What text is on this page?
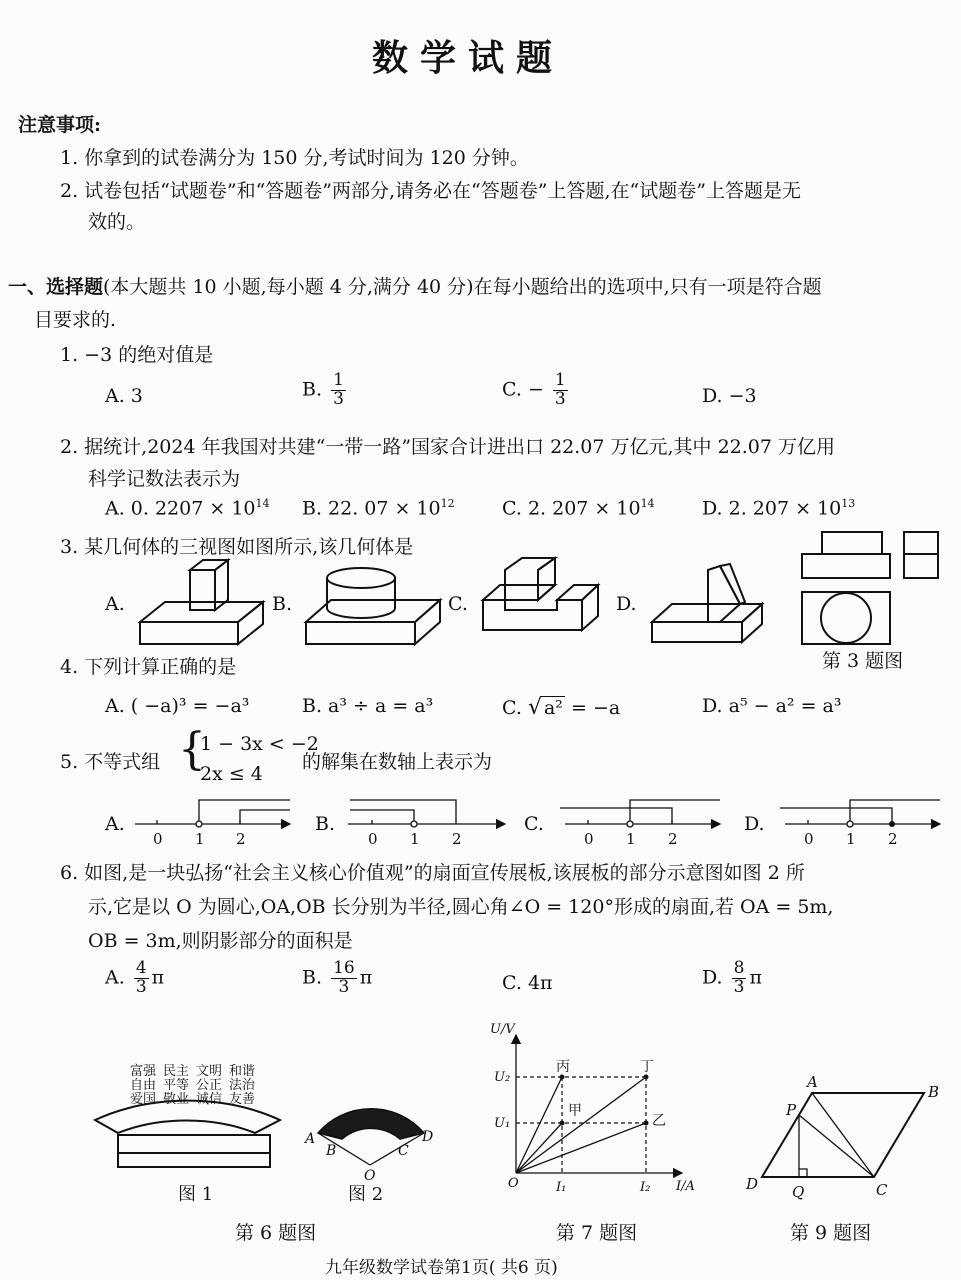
数学试题
注意事项:
1. 你拿到的试卷满分为 150 分,考试时间为 120 分钟。
2. 试卷包括“试题卷”和“答题卷”两部分,请务必在“答题卷”上答题,在“试题卷”上答题是无
效的。
一、选择题(本大题共 10 小题,每小题 4 分,满分 40 分)在每小题给出的选项中,只有一项是符合题
目要求的.
1. −3 的绝对值是
A. 3	B. $\frac{1}{3}$	C. − $\frac{1}{3}$	D. −3
2. 据统计,2024 年我国对共建“一带一路”国家合计进出口 22.07 万亿元,其中 22.07 万亿用
科学记数法表示为
A. 0. $2207 \times 10^{14}$ B. 22. $07 \times 10^{12}$ C. 2. $207 \times 10^{14}$ D. 2. $207 \times 10^{13}$
3. 某几何体的三视图如图所示,该几何体是
A.	B.	C.	D.
第 3 题图
4. 下列计算正确的是
A. ( −a)³ = −a³	B. a³ ÷ a = a³	C. √ a² = −a	D. a⁵ − a² = a³
5. 不等式组 {
1 − 3x < −2
2x ≤ 4
的解集在数轴上表示为
A.	B.	C.	D.
0 1 2	0 1 2	0 1 2	0 1 2
6. 如图,是一块弘扬“社会主义核心价值观”的扇面宣传展板,该展板的部分示意图如图 2 所
示,它是以 O 为圆心,OA,OB 长分别为半径,圆心角∠O = 120°形成的扇面,若 OA = 5m,
OB = 3m,则阴影部分的面积是
A. $\frac{4}{3}$ π	B. $\frac{16}{3}$ π	C. 4π	D. $\frac{8}{3}$ π
富强 民主 文明 和谐 自由 平等 公正 法治 爱国 敬业 诚信 友善
图 1
A
B	C
D
O
图 2
U/V
I/A
U₂
U₁
I₁	I₂
O
丙	丁
甲
乙
A
B
C
D
P
Q
第 6 题图	第 7 题图	第 9 题图
九年级数学试卷第1页( 共6 页)
